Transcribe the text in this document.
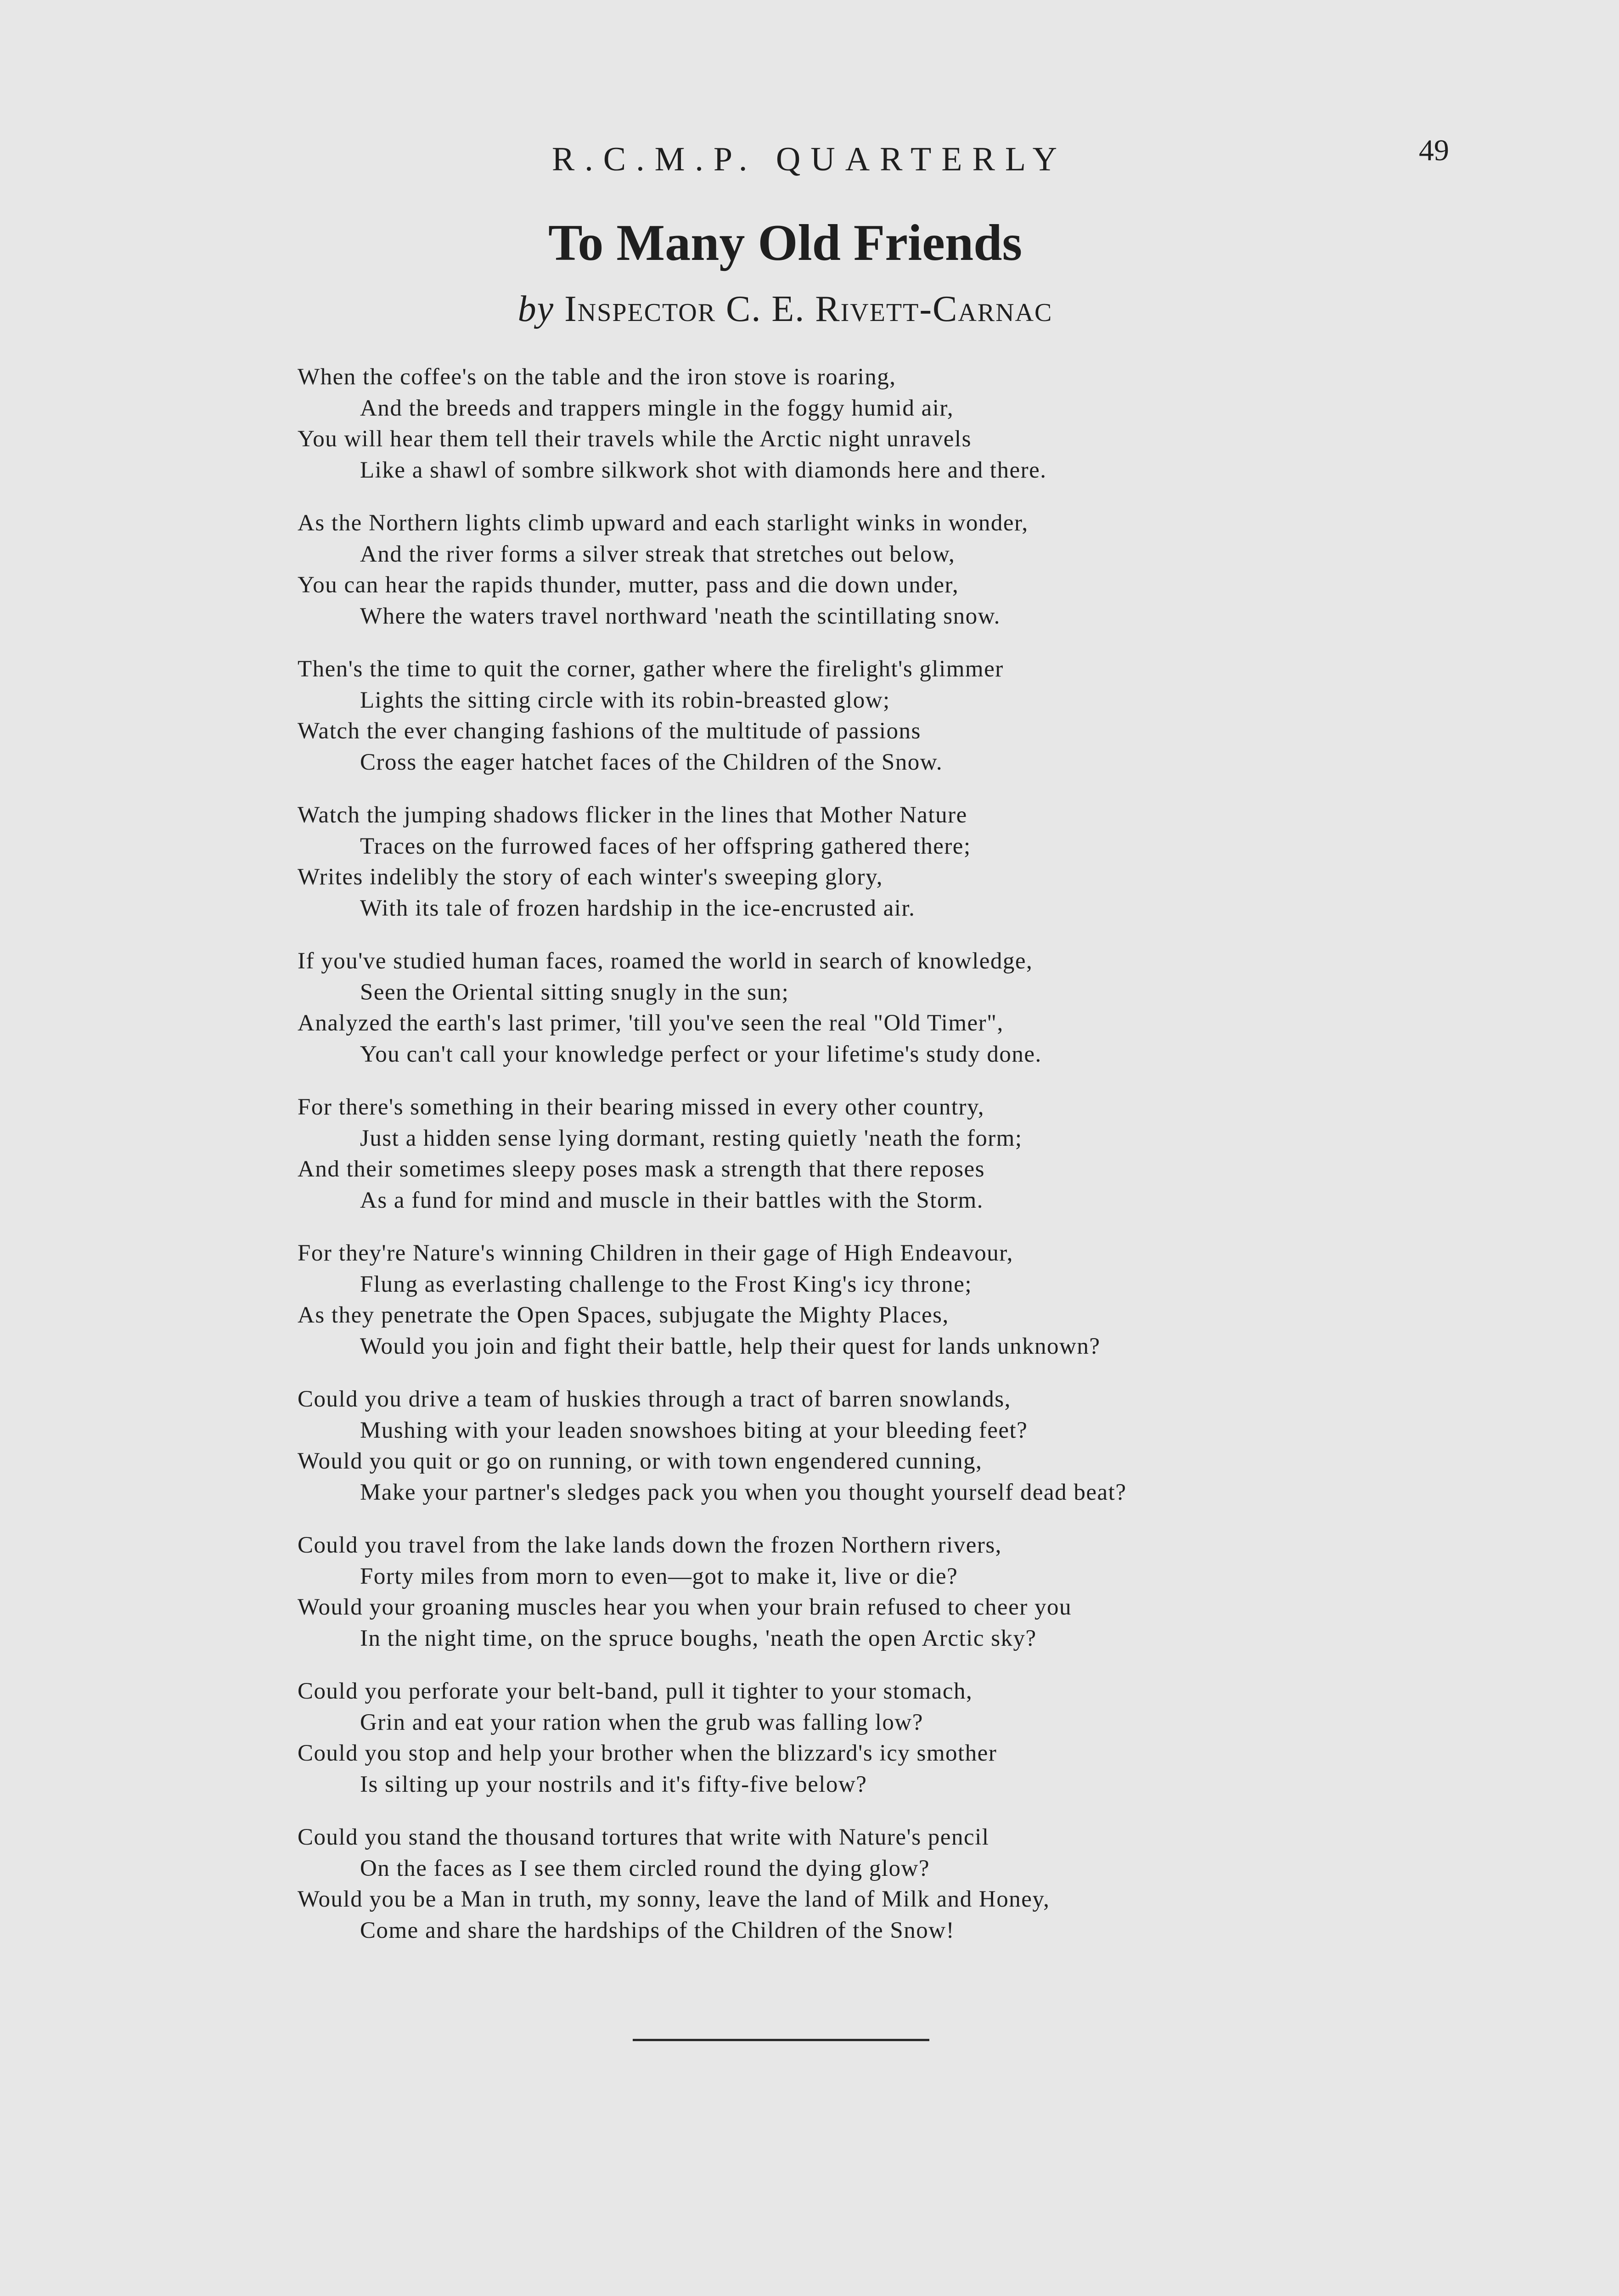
R.C.M.P. QUARTERLY	49
To Many Old Friends
by Inspector C. E. Rivett-Carnac
When the coffee's on the table and the iron stove is roaring,
And the breeds and trappers mingle in the foggy humid air,
You will hear them tell their travels while the Arctic night unravels
Like a shawl of sombre silkwork shot with diamonds here and there.
As the Northern lights climb upward and each starlight winks in wonder,
And the river forms a silver streak that stretches out below,
You can hear the rapids thunder, mutter, pass and die down under,
Where the waters travel northward 'neath the scintillating snow.
Then's the time to quit the corner, gather where the firelight's glimmer
Lights the sitting circle with its robin-breasted glow;
Watch the ever changing fashions of the multitude of passions
Cross the eager hatchet faces of the Children of the Snow.
Watch the jumping shadows flicker in the lines that Mother Nature
Traces on the furrowed faces of her offspring gathered there;
Writes indelibly the story of each winter's sweeping glory,
With its tale of frozen hardship in the ice-encrusted air.
If you've studied human faces, roamed the world in search of knowledge,
Seen the Oriental sitting snugly in the sun;
Analyzed the earth's last primer, 'till you've seen the real "Old Timer",
You can't call your knowledge perfect or your lifetime's study done.
For there's something in their bearing missed in every other country,
Just a hidden sense lying dormant, resting quietly 'neath the form;
And their sometimes sleepy poses mask a strength that there reposes
As a fund for mind and muscle in their battles with the Storm.
For they're Nature's winning Children in their gage of High Endeavour,
Flung as everlasting challenge to the Frost King's icy throne;
As they penetrate the Open Spaces, subjugate the Mighty Places,
Would you join and fight their battle, help their quest for lands unknown?
Could you drive a team of huskies through a tract of barren snowlands,
Mushing with your leaden snowshoes biting at your bleeding feet?
Would you quit or go on running, or with town engendered cunning,
Make your partner's sledges pack you when you thought yourself dead beat?
Could you travel from the lake lands down the frozen Northern rivers,
Forty miles from morn to even—got to make it, live or die?
Would your groaning muscles hear you when your brain refused to cheer you
In the night time, on the spruce boughs, 'neath the open Arctic sky?
Could you perforate your belt-band, pull it tighter to your stomach,
Grin and eat your ration when the grub was falling low?
Could you stop and help your brother when the blizzard's icy smother
Is silting up your nostrils and it's fifty-five below?
Could you stand the thousand tortures that write with Nature's pencil
On the faces as I see them circled round the dying glow?
Would you be a Man in truth, my sonny, leave the land of Milk and Honey,
Come and share the hardships of the Children of the Snow!
